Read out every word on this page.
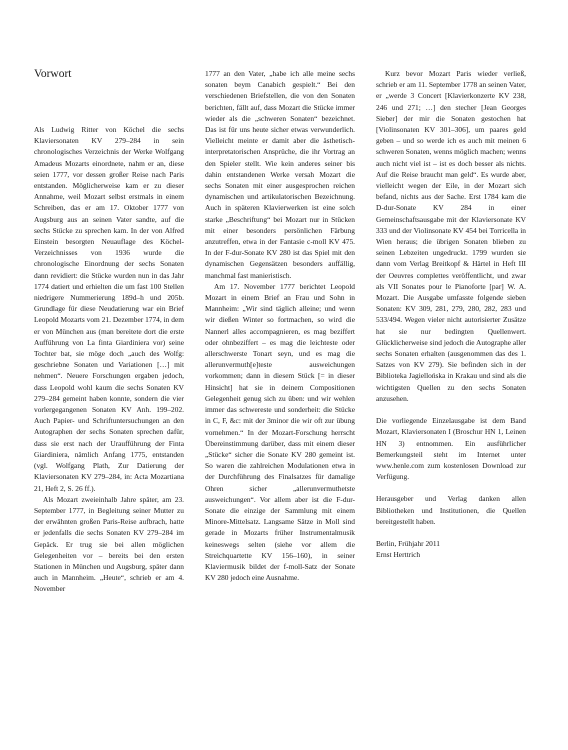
Vorwort

Als Ludwig Ritter von Köchel die sechs Klaviersonaten KV 279–284 in sein chronologisches Verzeichnis der Werke Wolfgang Amadeus Mozarts einordnete, nahm er an, diese seien 1777, vor dessen großer Reise nach Paris entstanden. Möglicherweise kam er zu dieser Annahme, weil Mozart selbst erstmals in einem Schreiben, das er am 17. Oktober 1777 von Augsburg aus an seinen Vater sandte, auf die sechs Stücke zu sprechen kam. In der von Alfred Einstein besorgten Neuauflage des Köchel-Verzeichnisses von 1936 wurde die chronologische Einordnung der sechs Sonaten dann revidiert: die Stücke wurden nun in das Jahr 1774 datiert und erhielten die um fast 100 Stellen niedrigere Nummerierung 189d–h und 205b. Grundlage für diese Neudatierung war ein Brief Leopold Mozarts vom 21. Dezember 1774, in dem er von München aus (man bereitete dort die erste Aufführung von La finta Giardiniera vor) seine Tochter bat, sie möge doch „auch des Wolfg: geschriebne Sonaten und Variationen […] mit nehmen“. Neuere Forschungen ergaben jedoch, dass Leopold wohl kaum die sechs Sonaten KV 279–284 gemeint haben konnte, sondern die vier vorlergegangenen Sonaten KV Anh. 199–202. Auch Papier- und Schriftuntersuchungen an den Autographen der sechs Sonaten sprechen dafür, dass sie erst nach der Uraufführung der Finta Giardiniera, nämlich Anfang 1775, entstanden (vgl. Wolfgang Plath, Zur Datierung der Klaviersonaten KV 279–284, in: Acta Mozartiana 21, Heft 2, S. 26 ff.).

Als Mozart zweieinhalb Jahre später, am 23. September 1777, in Begleitung seiner Mutter zu der erwähnten großen Paris-Reise aufbrach, hatte er jedenfalls die sechs Sonaten KV 279–284 im Gepäck. Er trug sie bei allen möglichen Gelegenheiten vor – bereits bei den ersten Stationen in München und Augsburg, später dann auch in Mannheim. „Heute“, schrieb er am 4. November

1777 an den Vater, „habe ich alle meine sechs sonaten beym Canabich gespielt.“ Bei den verschiedenen Briefstellen, die von den Sonaten berichten, fällt auf, dass Mozart die Stücke immer wieder als die „schweren Sonaten“ bezeichnet. Das ist für uns heute sicher etwas verwunderlich. Vielleicht meinte er damit aber die ästhetisch-interpretatorischen Ansprüche, die ihr Vortrag an den Spieler stellt. Wie kein anderes seiner bis dahin entstandenen Werke versah Mozart die sechs Sonaten mit einer ausgesprochen reichen dynamischen und artikulatorischen Bezeichnung. Auch in späteren Klavierwerken ist eine solch starke „Beschriftung“ bei Mozart nur in Stücken mit einer besonders persönlichen Färbung anzutreffen, etwa in der Fantasie c-moll KV 475. In der F-dur-Sonate KV 280 ist das Spiel mit den dynamischen Gegensätzen besonders auffällig, manchmal fast manieristisch.

Am 17. November 1777 berichtet Leopold Mozart in einem Brief an Frau und Sohn in Mannheim: „Wir sind täglich alleine; und wenn wir dießen Winter so fortmachen, so wird die Nannerl alles accompagnieren, es mag beziffert oder ohnbeziffert – es mag die leichteste oder allerschwerste Tonart seyn, und es mag die allerunvermuth[e]teste ausweichungen vorkommen; dann in diesem Stück [= in dieser Hinsicht] hat sie in deinem Compositionen Gelegenheit genug sich zu üben: und wir wehlen immer das schwereste und sonderheit: die Stücke in C, F, &c: mit der 3minor die wir oft zur übung vornehmen.“ In der Mozart-Forschung herrscht Übereinstimmung darüber, dass mit einem dieser „Stücke“ sicher die Sonate KV 280 gemeint ist. So waren die zahlreichen Modulationen etwa in der Durchführung des Finalsatzes für damalige Ohren sicher „allerunvermuthetste ausweichungen“. Vor allem aber ist die F-dur-Sonate die einzige der Sammlung mit einem Minore-Mittelsatz. Langsame Sätze in Moll sind gerade in Mozarts früher Instrumentalmusik keineswegs selten (siehe vor allem die Streichquartette KV 156–160), in seiner Klaviermusik bildet der f-moll-Satz der Sonate KV 280 jedoch eine Ausnahme.

Kurz bevor Mozart Paris wieder verließ, schrieb er am 11. September 1778 an seinen Vater, er „werde 3 Concert [Klavierkonzerte KV 238, 246 und 271; …] den stecher [Jean Georges Sieber] der mir die Sonaten gestochen hat [Violinsonaten KV 301–306], um paares geld geben – und so werde ich es auch mit meinen 6 schweren Sonaten, wenns möglich machen; wenns auch nicht viel ist – ist es doch besser als nichts. Auf die Reise braucht man geld“. Es wurde aber, vielleicht wegen der Eile, in der Mozart sich befand, nichts aus der Sache. Erst 1784 kam die D-dur-Sonate KV 284 in einer Gemeinschaftsausgabe mit der Klaviersonate KV 333 und der Violinsonate KV 454 bei Torricella in Wien heraus; die übrigen Sonaten blieben zu seinen Lebzeiten ungedruckt. 1799 wurden sie dann vom Verlag Breitkopf & Härtel in Heft III der Oeuvres complettes veröffentlicht, und zwar als VII Sonates pour le Pianoforte [par] W. A. Mozart. Die Ausgabe umfasste folgende sieben Sonaten: KV 309, 281, 279, 280, 282, 283 und 533/494. Wegen vieler nicht autorisierter Zusätze hat sie nur bedingten Quellenwert. Glücklicherweise sind jedoch die Autographe aller sechs Sonaten erhalten (ausgenommen das des 1. Satzes von KV 279). Sie befinden sich in der Biblioteka Jagiellońska in Krakau und sind als die wichtigsten Quellen zu den sechs Sonaten anzusehen.

Die vorliegende Einzelausgabe ist dem Band Mozart, Klaviersonaten I (Broschur HN 1, Leinen HN 3) entnommen. Ein ausführlicher Bemerkungsteil steht im Internet unter www.henle.com zum kostenlosen Download zur Verfügung.

Herausgeber und Verlag danken allen Bibliotheken und Institutionen, die Quellen bereitgestellt haben.

Berlin, Frühjahr 2011

Ernst Herttrich
